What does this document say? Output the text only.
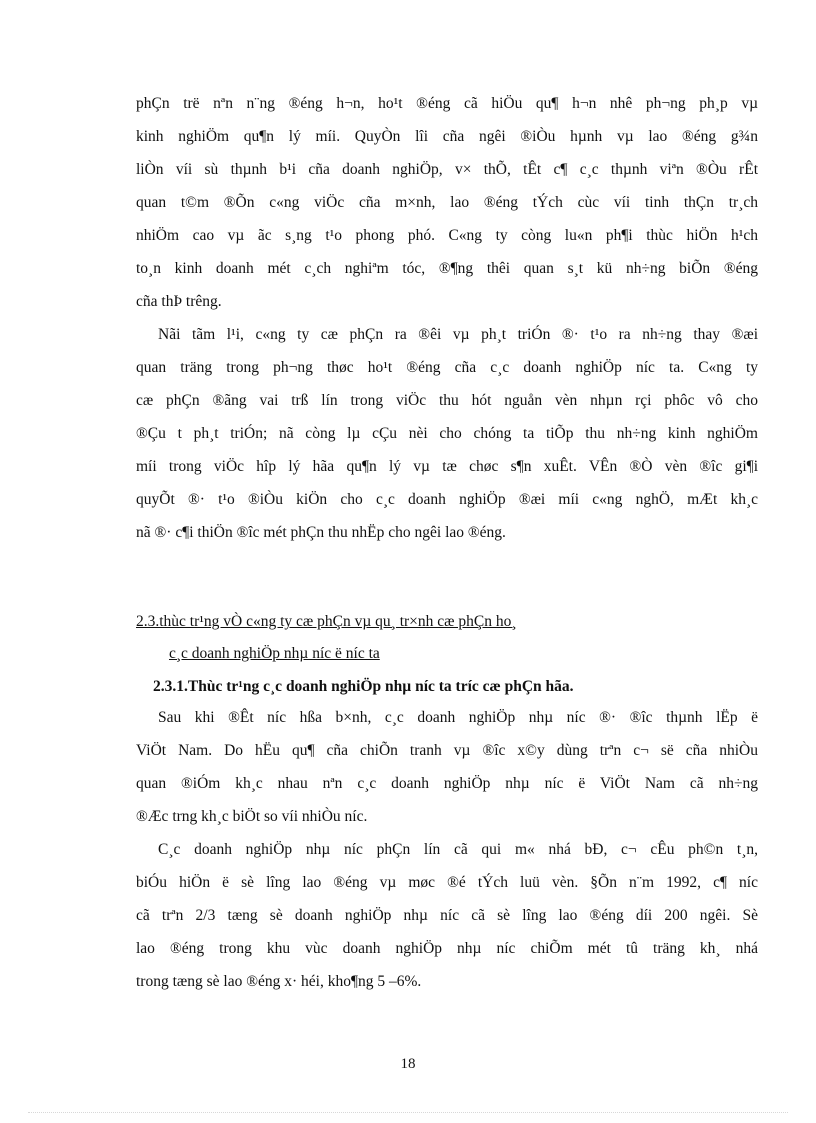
phÇn trë nªn n¨ng ®éng h¬n, ho¹t ®éng cã hiÖu qu¶ h¬n nhê ph¬ng ph¸p vµ
kinh nghiÖm qu¶n lý míi. QuyÒn lîi cña ngêi ®iÒu hµnh vµ lao ®éng g¾n
liÒn víi sù thµnh b¹i cña doanh nghiÖp, v× thÕ, tÊt c¶ c¸c thµnh viªn ®Òu rÊt
quan t©m ®Õn c«ng viÖc cña m×nh, lao ®éng tÝch cùc víi tinh thÇn tr¸ch
nhiÖm cao vµ ãc s¸ng t¹o phong phó. C«ng ty còng lu«n ph¶i thùc hiÖn h¹ch
to¸n kinh doanh mét c¸ch nghiªm tóc, ®¶ng thêi quan s¸t kü nh÷ng biÕn ®éng
cña thÞ trêng.
Nãi tãm l¹i, c«ng ty cæ phÇn ra ®êi vµ ph¸t triÓn ®· t¹o ra nh÷ng thay ®æi
quan träng trong ph¬ng thøc ho¹t ®éng cña c¸c doanh nghiÖp níc ta. C«ng ty
cæ phÇn ®ãng vai trß lín trong viÖc thu hót nguån vèn nhµn rçi phôc vô cho
®Çu t ph¸t triÓn; nã còng lµ cÇu nèi cho chóng ta tiÕp thu nh÷ng kinh nghiÖm
míi trong viÖc hîp lý hãa qu¶n lý vµ tæ chøc s¶n xuÊt. VÊn ®Ò vèn ®îc gi¶i
quyÕt ®· t¹o ®iÒu kiÖn cho c¸c doanh nghiÖp ®æi míi c«ng nghÖ, mÆt kh¸c
nã ®· c¶i thiÖn ®îc mét phÇn thu nhËp cho ngêi lao ®éng.
2.3.thùc tr¹ng vÒ c«ng ty cæ phÇn vµ qu¸ tr×nh cæ phÇn ho¸
c¸c doanh nghiÖp nhµ níc ë níc ta
2.3.1.Thùc tr¹ng c¸c doanh nghiÖp nhµ níc ta tríc cæ phÇn hãa.
Sau khi ®Êt níc hßa b×nh, c¸c doanh nghiÖp nhµ níc ®· ®îc thµnh lËp ë
ViÖt Nam. Do hËu qu¶ cña chiÕn tranh vµ ®îc x©y dùng trªn c¬ së cña nhiÒu
quan ®iÓm kh¸c nhau nªn c¸c doanh nghiÖp nhµ níc ë ViÖt Nam cã nh÷ng
®Æc trng kh¸c biÖt so víi nhiÒu níc.
C¸c doanh nghiÖp nhµ níc phÇn lín cã qui m« nhá bÐ, c¬ cÊu ph©n t¸n,
biÓu hiÖn ë sè lîng lao ®éng vµ møc ®é tÝch luü vèn. §Õn n¨m 1992, c¶ níc
cã trªn 2/3 tæng sè doanh nghiÖp nhµ níc cã sè lîng lao ®éng díi 200 ngêi. Sè
lao ®éng trong khu vùc doanh nghiÖp nhµ níc chiÕm mét tû träng kh¸ nhá
trong tæng sè lao ®éng x· héi, kho¶ng 5 –6%.
18
